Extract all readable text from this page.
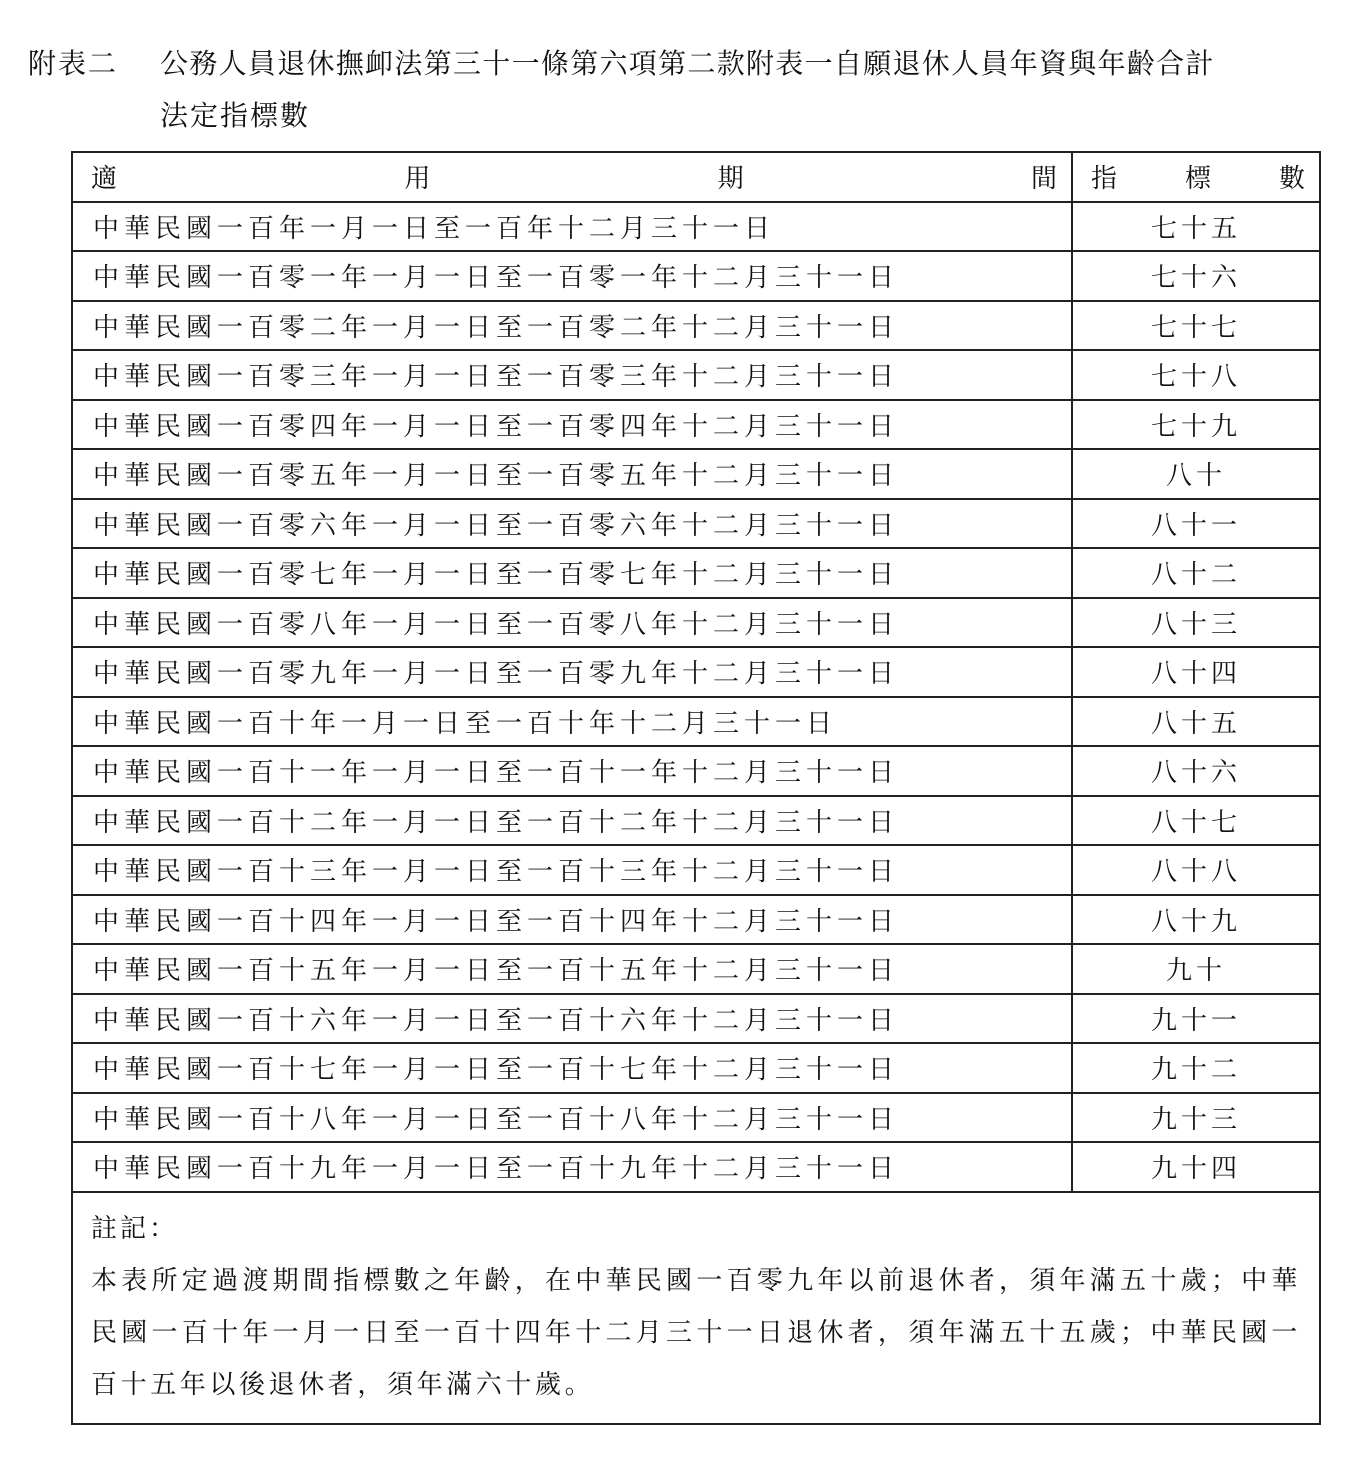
附表二 公務人員退休撫卹法第三十一條第六項第二款附表一自願退休人員年資與年齡合計
法定指標數
適 用 期 間	指 標 數

中華民國一百年一月一日至一百年十二月三十一日	七十五
中華民國一百零一年一月一日至一百零一年十二月三十一日	七十六
中華民國一百零二年一月一日至一百零二年十二月三十一日	七十七
中華民國一百零三年一月一日至一百零三年十二月三十一日	七十八
中華民國一百零四年一月一日至一百零四年十二月三十一日	七十九
中華民國一百零五年一月一日至一百零五年十二月三十一日	八十
中華民國一百零六年一月一日至一百零六年十二月三十一日	八十一
中華民國一百零七年一月一日至一百零七年十二月三十一日	八十二
中華民國一百零八年一月一日至一百零八年十二月三十一日	八十三
中華民國一百零九年一月一日至一百零九年十二月三十一日	八十四
中華民國一百十年一月一日至一百十年十二月三十一日	八十五
中華民國一百十一年一月一日至一百十一年十二月三十一日	八十六
中華民國一百十二年一月一日至一百十二年十二月三十一日	八十七
中華民國一百十三年一月一日至一百十三年十二月三十一日	八十八
中華民國一百十四年一月一日至一百十四年十二月三十一日	八十九
中華民國一百十五年一月一日至一百十五年十二月三十一日	九十
中華民國一百十六年一月一日至一百十六年十二月三十一日	九十一
中華民國一百十七年一月一日至一百十七年十二月三十一日	九十二
中華民國一百十八年一月一日至一百十八年十二月三十一日	九十三
中華民國一百十九年一月一日至一百十九年十二月三十一日	九十四

註記：
本表所定過渡期間指標數之年齡，在中華民國一百零九年以前退休者，須年滿五十歲；中華民國一百十年一月一日至一百十四年十二月三十一日退休者，須年滿五十五歲；中華民國一百十五年以後退休者，須年滿六十歲。	
